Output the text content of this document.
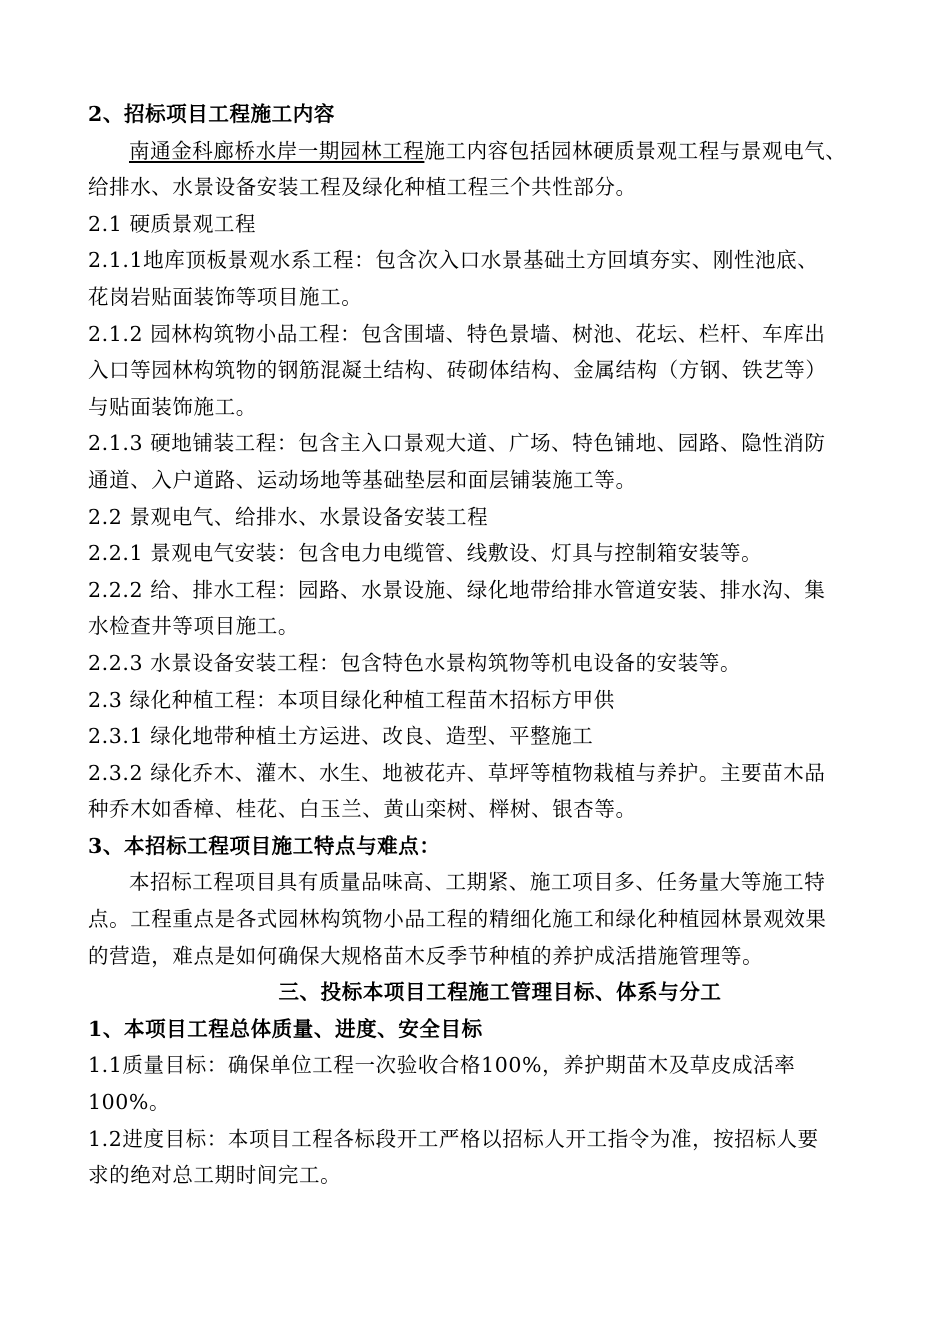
2、招标项目工程施工内容
南通金科廊桥水岸一期园林工程施工内容包括园林硬质景观工程与景观电气、
给排水、水景设备安装工程及绿化种植工程三个共性部分。
2.1 硬质景观工程
2.1.1地库顶板景观水系工程：包含次入口水景基础土方回填夯实、刚性池底、
花岗岩贴面装饰等项目施工。
2.1.2 园林构筑物小品工程：包含围墙、特色景墙、树池、花坛、栏杆、车库出
入口等园林构筑物的钢筋混凝土结构、砖砌体结构、金属结构（方钢、铁艺等）
与贴面装饰施工。
2.1.3 硬地铺装工程：包含主入口景观大道、广场、特色铺地、园路、隐性消防
通道、入户道路、运动场地等基础垫层和面层铺装施工等。
2.2 景观电气、给排水、水景设备安装工程
2.2.1 景观电气安装：包含电力电缆管、线敷设、灯具与控制箱安装等。
2.2.2 给、排水工程：园路、水景设施、绿化地带给排水管道安装、排水沟、集
水检查井等项目施工。
2.2.3 水景设备安装工程：包含特色水景构筑物等机电设备的安装等。
2.3 绿化种植工程：本项目绿化种植工程苗木招标方甲供
2.3.1 绿化地带种植土方运进、改良、造型、平整施工
2.3.2 绿化乔木、灌木、水生、地被花卉、草坪等植物栽植与养护。主要苗木品
种乔木如香樟、桂花、白玉兰、黄山栾树、榉树、银杏等。
3、本招标工程项目施工特点与难点：
本招标工程项目具有质量品味高、工期紧、施工项目多、任务量大等施工特
点。工程重点是各式园林构筑物小品工程的精细化施工和绿化种植园林景观效果
的营造，难点是如何确保大规格苗木反季节种植的养护成活措施管理等。
三、投标本项目工程施工管理目标、体系与分工
1、本项目工程总体质量、进度、安全目标
1.1质量目标：确保单位工程一次验收合格100%，养护期苗木及草皮成活率
100%。
1.2进度目标：本项目工程各标段开工严格以招标人开工指令为准，按招标人要
求的绝对总工期时间完工。
